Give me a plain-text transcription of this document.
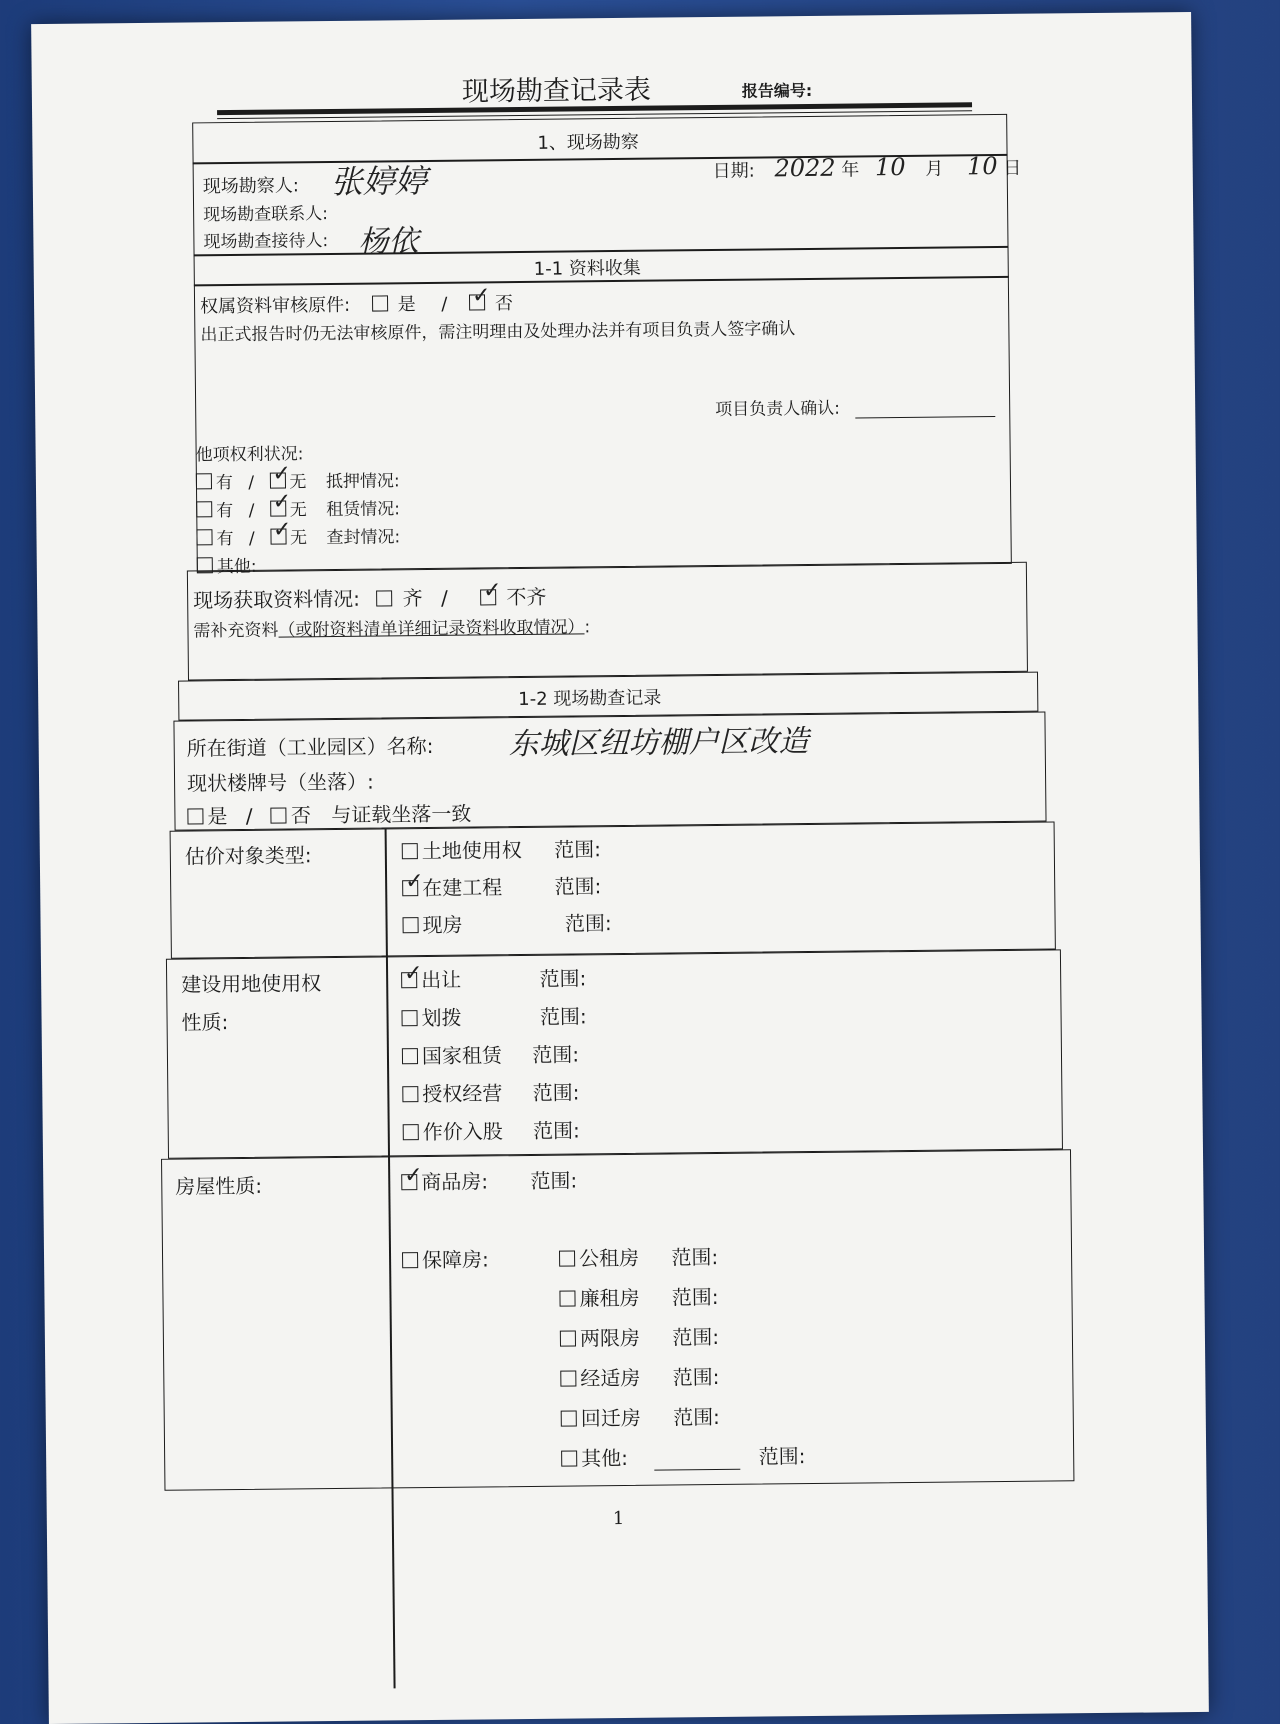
现场勘查记录表	报告编号:
1、现场勘察
现场勘察人: 张婷婷
现场勘查联系人:
现场勘查接待人: 杨依
日期: 2022 年 10 月 10 日
1-1 资料收集
权属资料审核原件:	是 / ✓	否
出正式报告时仍无法审核原件，需注明理由及处理办法并有项目负责人签字确认
项目负责人确认:
他项权利状况:
有 / ✓ 无 抵押情况:
有 / ✓ 无 租赁情况:
有 / ✓ 无 查封情况:
其他:
现场获取资料情况: 齐 / ✓	不齐
需补充资料（或附资料清单详细记录资料收取情况）:
1-2 现场勘查记录
所在街道（工业园区）名称: 东城区纽坊棚户区改造
现状楼牌号（坐落）:
是 / 否 与证载坐落一致
估价对象类型:	土地使用权 范围:
✓在建工程	范围:
现房	范围:
建设用地使用权
性质:
✓出让	范围:
划拨	范围:
国家租赁 范围:
授权经营 范围:
作价入股 范围:
房屋性质: ✓	商品房: 范围:
保障房:	公租房 范围:
廉租房 范围:
两限房 范围:
经适房 范围:
回迁房 范围:
其他:	范围:
1
